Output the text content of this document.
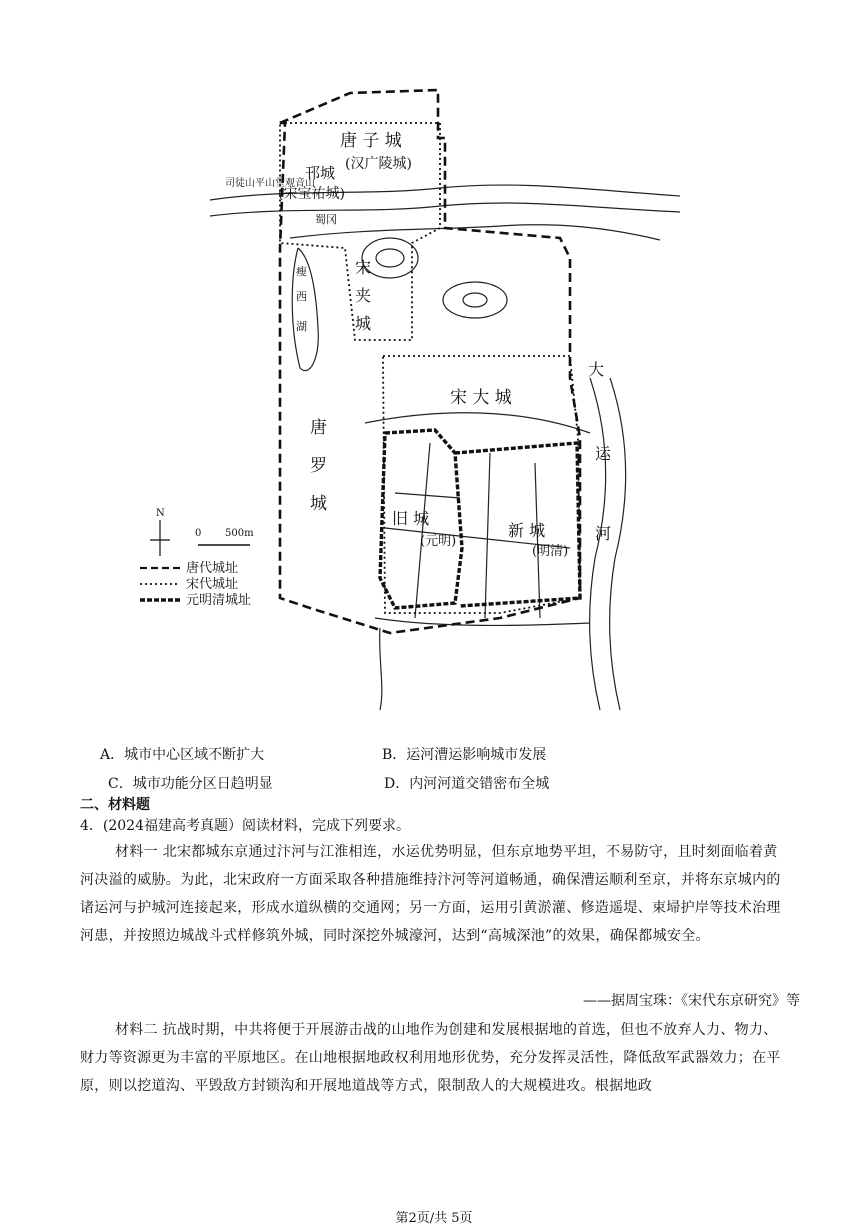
唐 子 城
(汉广陵城)
邗城
(宋宝祐城)
宋
夹
城
瘦
西
湖
宋 大 城
唐
罗
城
旧 城
(元明)
新 城
(明清)
大
运
河
司徒山 平山堂 观音山
蜀冈
N
0 500m
唐代城址
宋代城址
元明清城址
A．城市中心区域不断扩大	B．运河漕运影响城市发展
C．城市功能分区日趋明显	D．内河河道交错密布全城
二、材料题
4．(2024福建高考真题）阅读材料，完成下列要求。
材料一 北宋都城东京通过汴河与江淮相连，水运优势明显，但东京地势平坦，不易防守，且时刻面临着黄河决溢的威胁。为此，北宋政府一方面采取各种措施维持汴河等河道畅通，确保漕运顺利至京，并将东京城内的诸运河与护城河连接起来，形成水道纵横的交通网；另一方面，运用引黄淤灌、修造遥堤、束埽护岸等技术治理河患，并按照边城战斗式样修筑外城，同时深挖外城濠河，达到“高城深池”的效果，确保都城安全。
——据周宝珠：《宋代东京研究》等
材料二 抗战时期，中共将便于开展游击战的山地作为创建和发展根据地的首选，但也不放弃人力、物力、财力等资源更为丰富的平原地区。在山地根据地政权利用地形优势，充分发挥灵活性，降低敌军武器效力；在平原，则以挖道沟、平毁敌方封锁沟和开展地道战等方式，限制敌人的大规模进攻。根据地政
第2页/共 5页
